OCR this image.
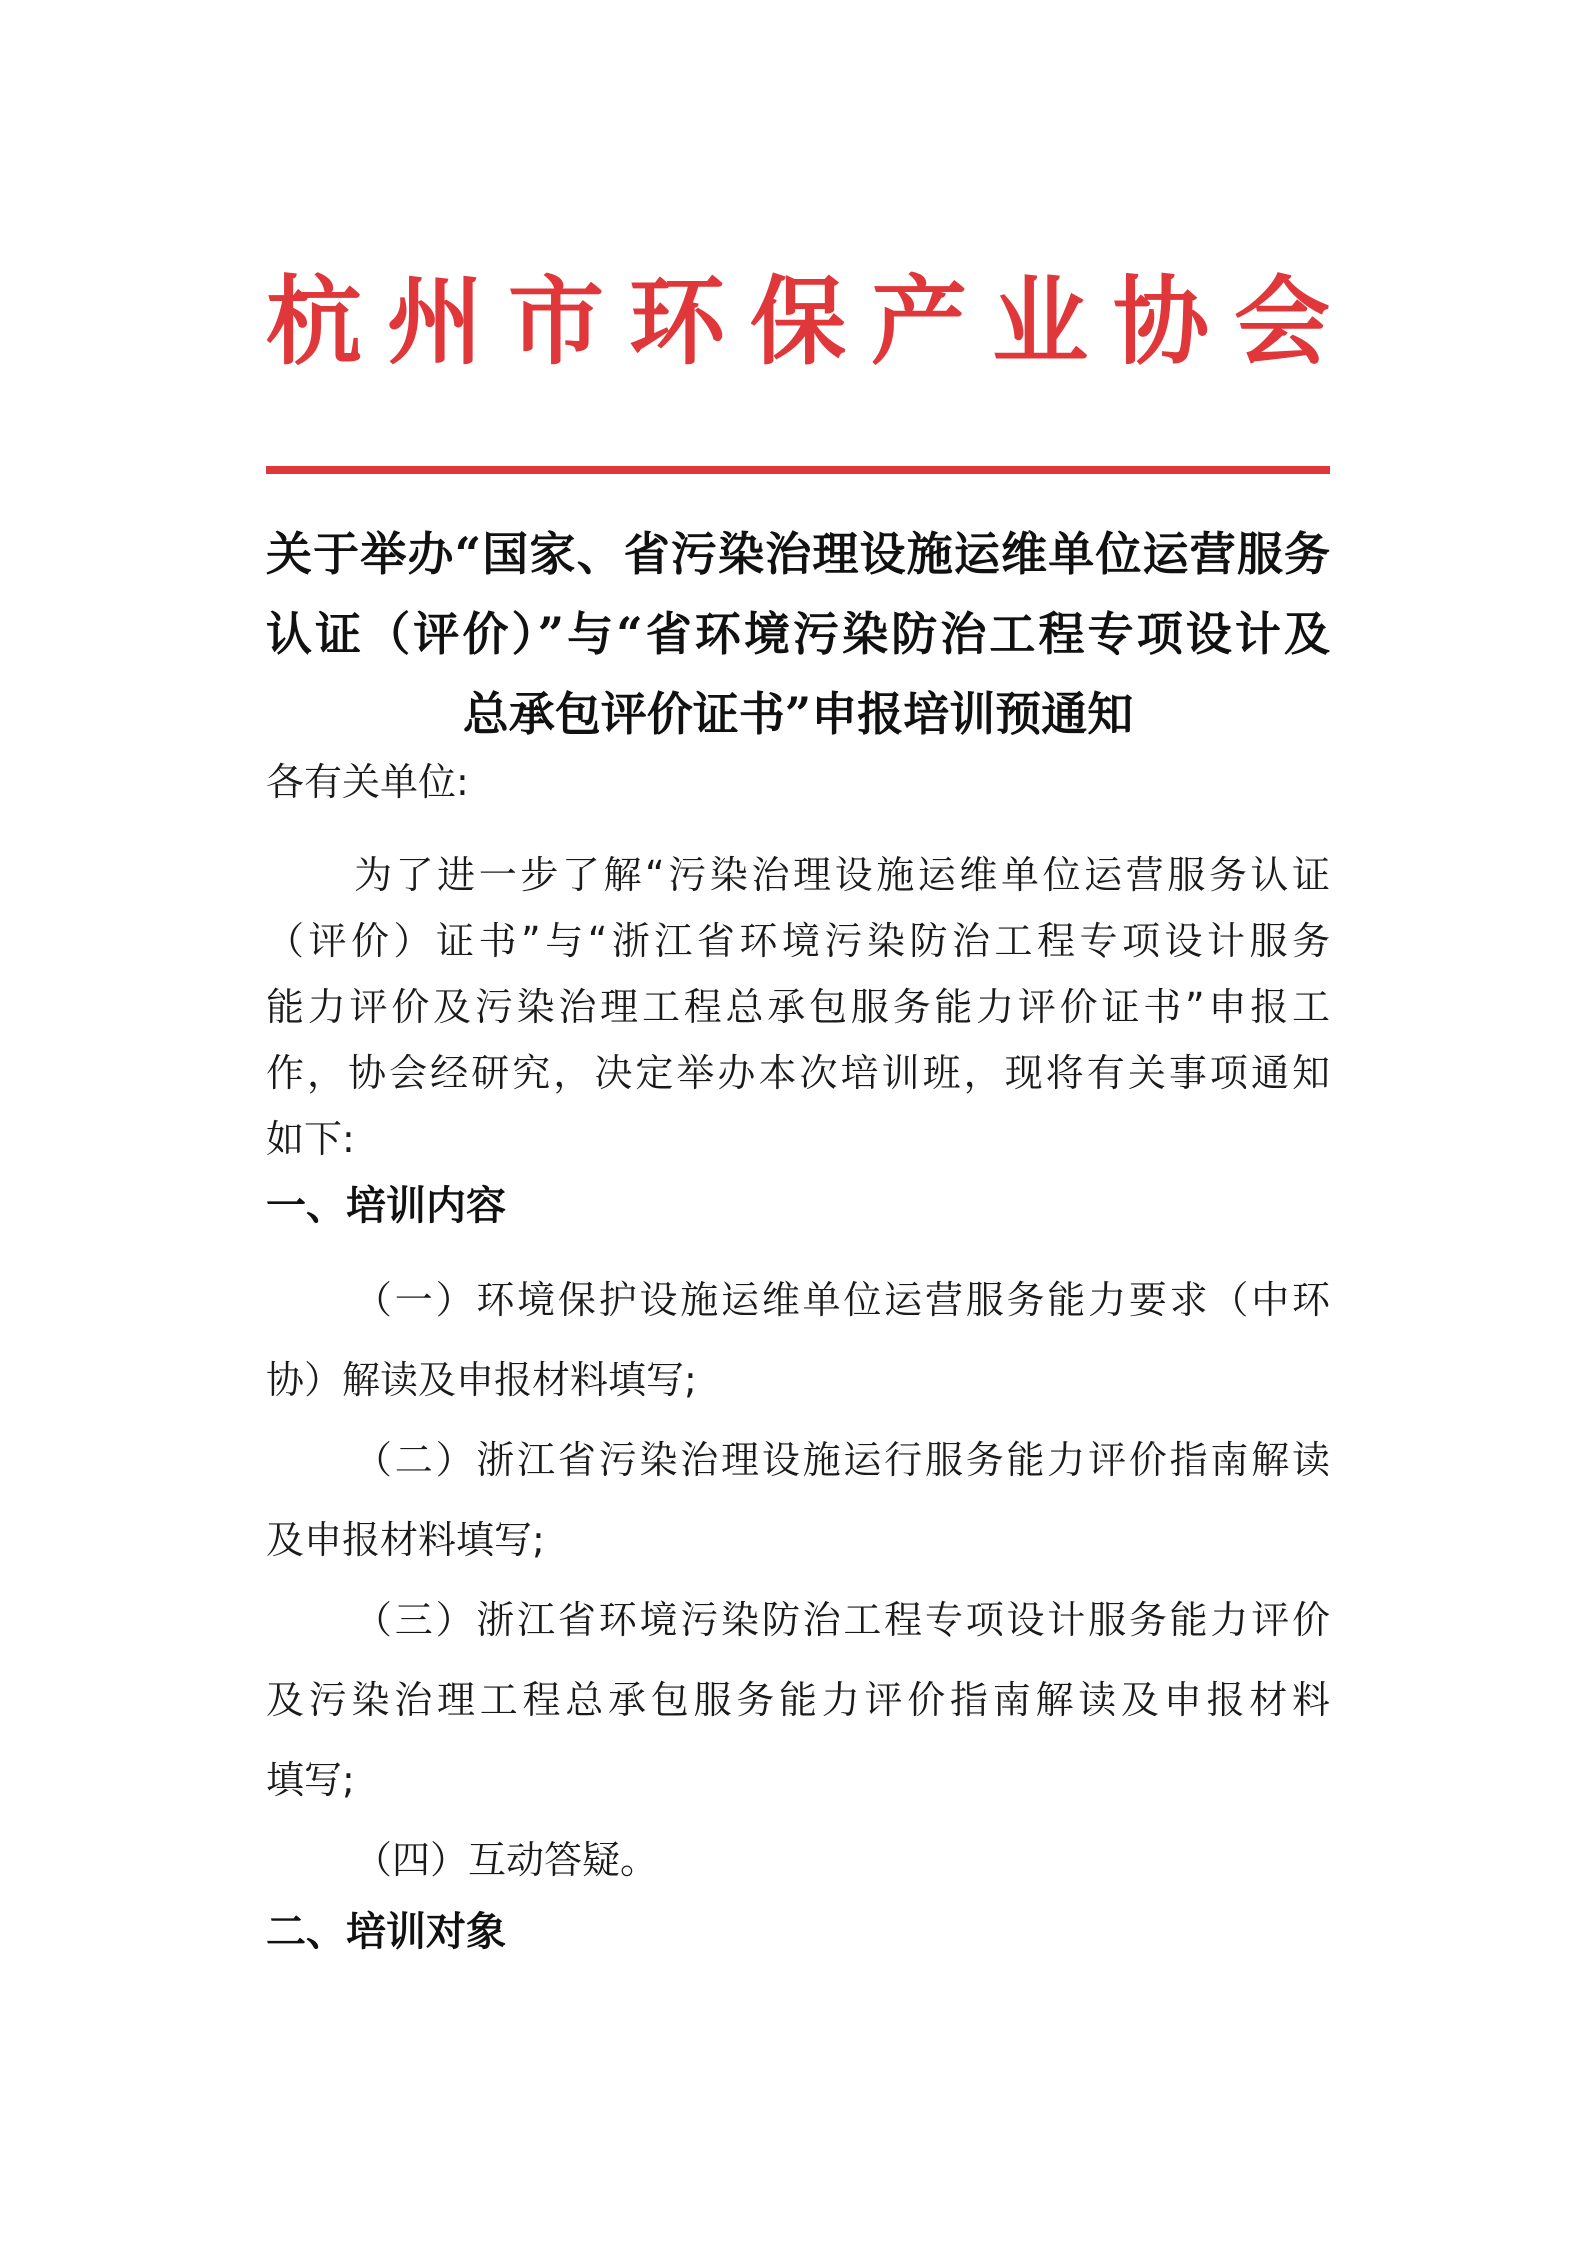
杭州市环保产业协会
关于举办“国家、省污染治理设施运维单位运营服务
认证（评价）”与“省环境污染防治工程专项设计及
总承包评价证书”申报培训预通知
各有关单位:
为了进一步了解“污染治理设施运维单位运营服务认证
（评价）证书”与“浙江省环境污染防治工程专项设计服务
能力评价及污染治理工程总承包服务能力评价证书”申报工
作，协会经研究，决定举办本次培训班，现将有关事项通知
如下:
一、培训内容
（一）环境保护设施运维单位运营服务能力要求（中环
协）解读及申报材料填写;
（二）浙江省污染治理设施运行服务能力评价指南解读
及申报材料填写;
（三）浙江省环境污染防治工程专项设计服务能力评价
及污染治理工程总承包服务能力评价指南解读及申报材料
填写;
（四）互动答疑。
二、培训对象
